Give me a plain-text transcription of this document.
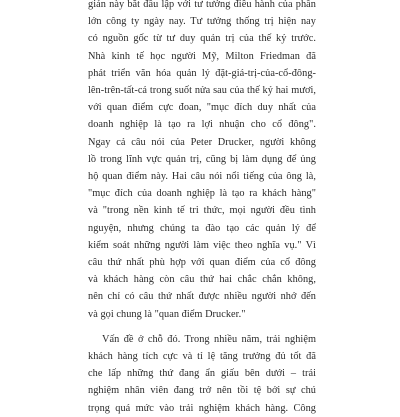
giản này bắt đầu lập với tư tưởng điều hành của phần
lớn công ty ngày nay. Tư tưởng thống trị hiện nay
có nguồn gốc từ tư duy quản trị của thế kỷ trước.
Nhà kinh tế học người Mỹ, Milton Friedman đã
phát triển văn hóa quản lý đặt-giá-trị-của-cổ-đông-
lên-trên-tất-cả trong suốt nửa sau của thế kỷ hai mươi,
với quan điểm cực đoan, "mục đích duy nhất của
doanh nghiệp là tạo ra lợi nhuận cho cổ đông".
Ngay cả câu nói của Peter Drucker, người không
lồ trong lĩnh vực quản trị, cũng bị làm dụng để ủng
hộ quan điểm này. Hai câu nói nổi tiếng của ông là,
"mục đích của doanh nghiệp là tạo ra khách hàng"
và "trong nền kinh tế tri thức, mọi người đều tình
nguyện, nhưng chúng ta đào tạo các quản lý để
kiểm soát những người làm việc theo nghĩa vụ." Vì
câu thứ nhất phù hợp với quan điểm của cổ đông
và khách hàng còn câu thứ hai chắc chắn không,
nên chỉ có câu thứ nhất được nhiều người nhớ đến
và gọi chung là "quan điểm Drucker."

Vấn đề ở chỗ đó. Trong nhiều năm, trải nghiệm
khách hàng tích cực và tỉ lệ tăng trưởng đủ tốt đã
che lấp những thứ đang ẩn giấu bên dưới – trải
nghiệm nhân viên đang trở nên tồi tệ bởi sự chú
trọng quá mức vào trải nghiệm khách hàng. Công
